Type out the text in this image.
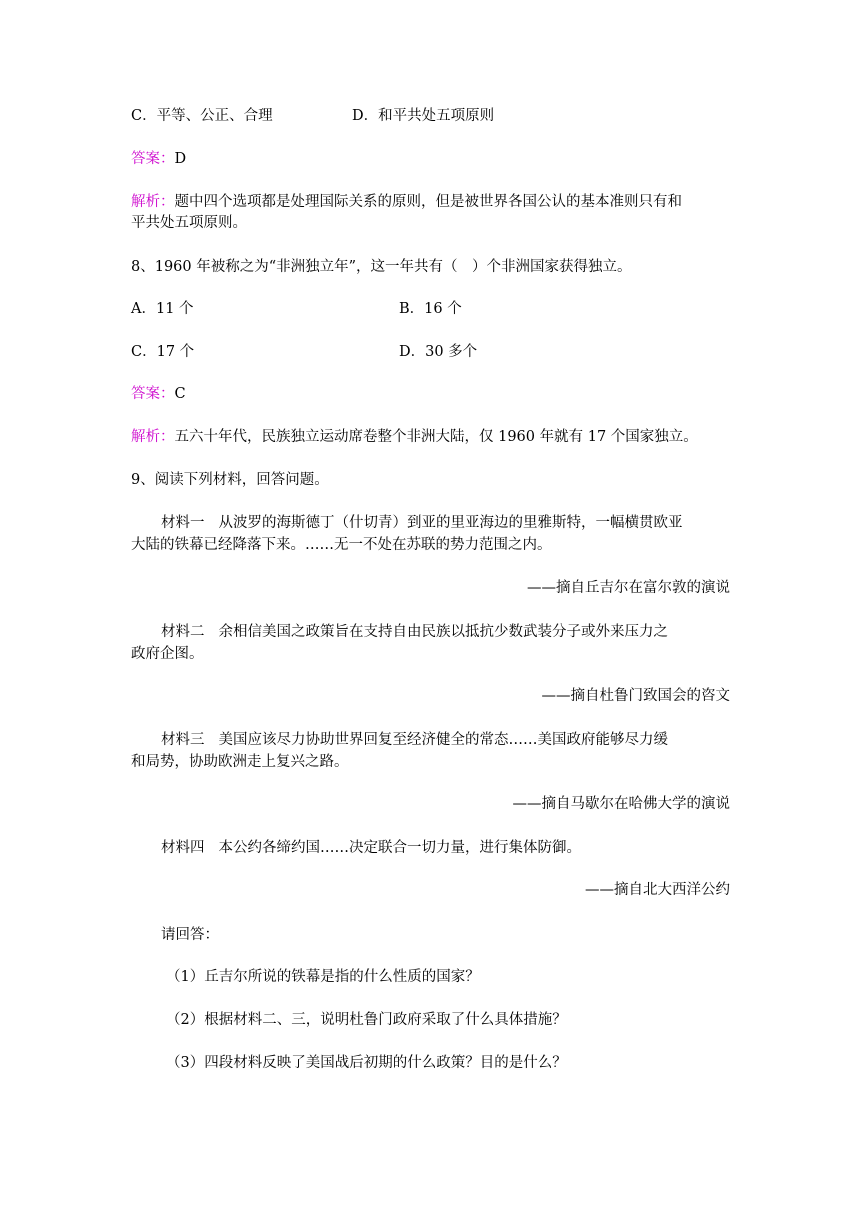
C．平等、公正、合理	D．和平共处五项原则
答案：D
解析：题中四个选项都是处理国际关系的原则，但是被世界各国公认的基本准则只有和
平共处五项原则。
8、1960 年被称之为“非洲独立年”，这一年共有（　）个非洲国家获得独立。
A．11 个	B．16 个
C．17 个	D．30 多个
答案：C
解析：五六十年代，民族独立运动席卷整个非洲大陆，仅 1960 年就有 17 个国家独立。
9、阅读下列材料，回答问题。
材料一 从波罗的海斯德丁（什切青）到亚的里亚海边的里雅斯特，一幅横贯欧亚
大陆的铁幕已经降落下来。……无一不处在苏联的势力范围之内。
——摘自丘吉尔在富尔敦的演说
材料二 余相信美国之政策旨在支持自由民族以抵抗少数武装分子或外来压力之
政府企图。
——摘自杜鲁门致国会的咨文
材料三 美国应该尽力协助世界回复至经济健全的常态……美国政府能够尽力缓
和局势，协助欧洲走上复兴之路。
——摘自马歇尔在哈佛大学的演说
材料四 本公约各缔约国……决定联合一切力量，进行集体防御。
——摘自北大西洋公约
请回答：
（1）丘吉尔所说的铁幕是指的什么性质的国家？
（2）根据材料二、三，说明杜鲁门政府采取了什么具体措施？
（3）四段材料反映了美国战后初期的什么政策？目的是什么？
